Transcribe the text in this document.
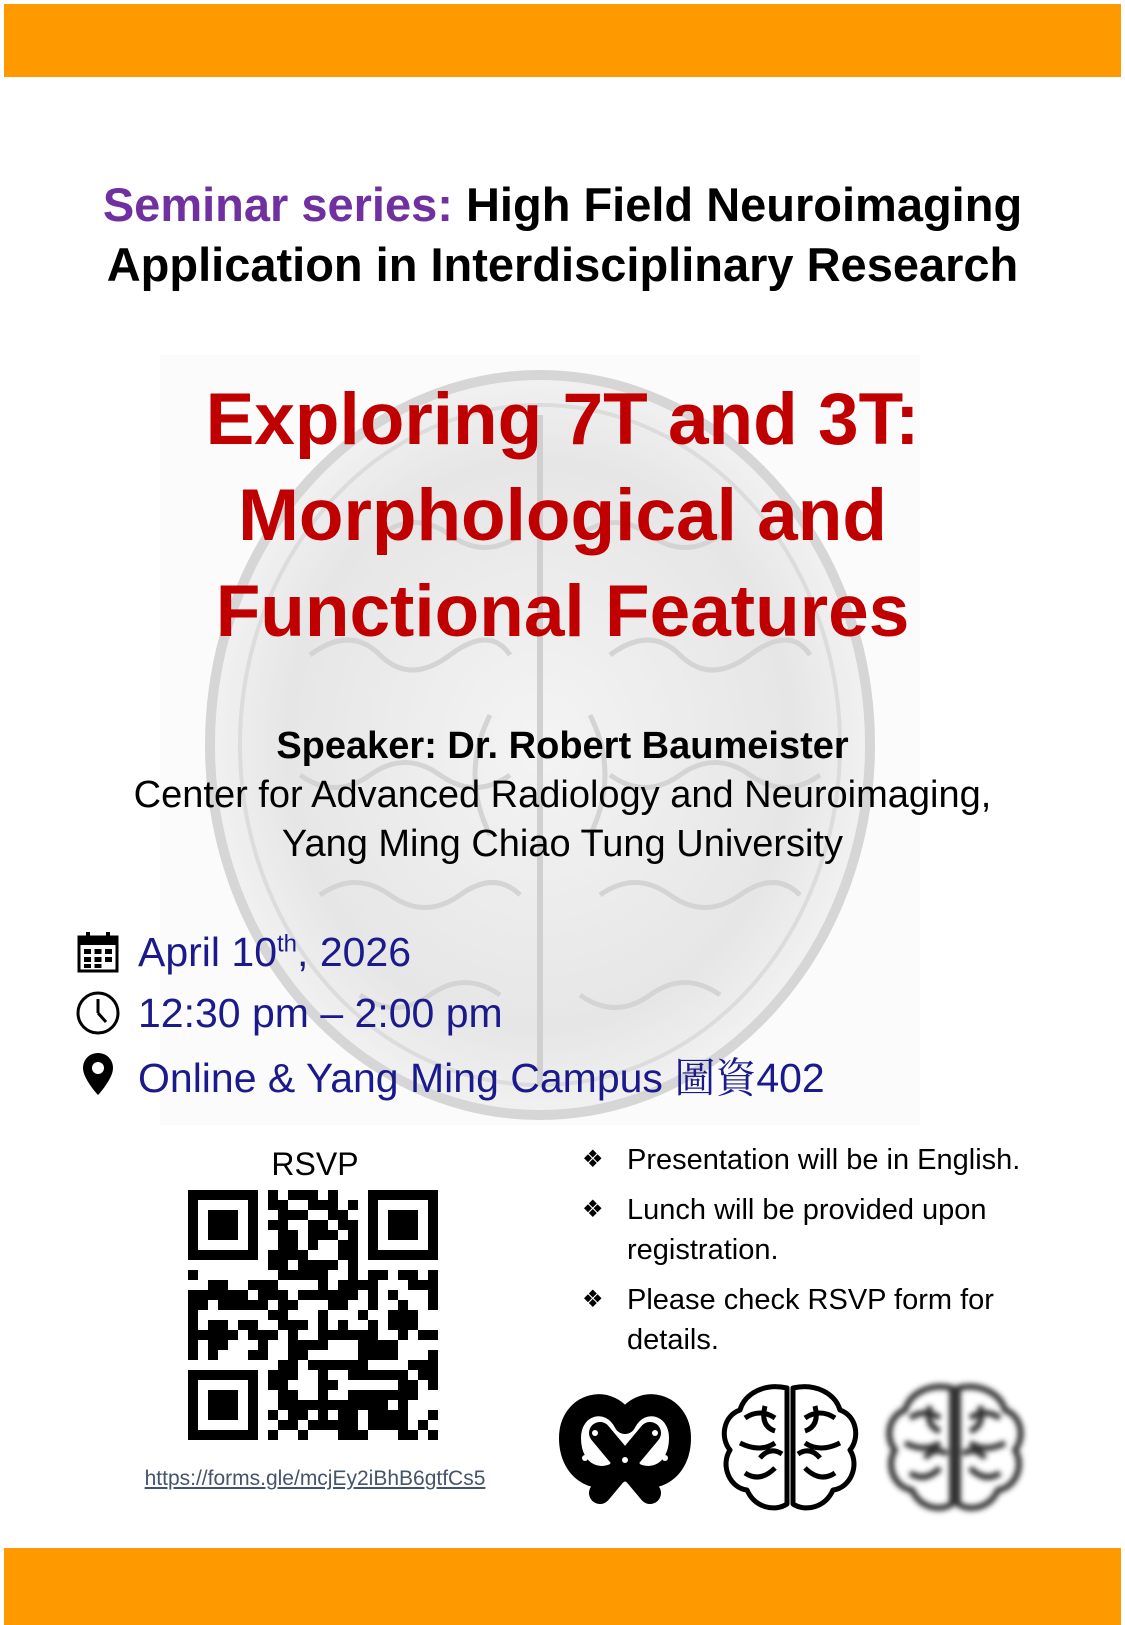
Seminar series: High Field Neuroimaging
Application in Interdisciplinary Research
Exploring 7T and 3T:
Morphological and
Functional Features
Speaker: Dr. Robert Baumeister
Center for Advanced Radiology and Neuroimaging,
Yang Ming Chiao Tung University
April 10th, 2026
12:30 pm – 2:00 pm
Online & Yang Ming Campus 圖資402
RSVP
https://forms.gle/mcjEy2iBhB6gtfCs5
❖ Presentation will be in English.
❖ Lunch will be provided upon registration.
❖ Please check RSVP form for details.
